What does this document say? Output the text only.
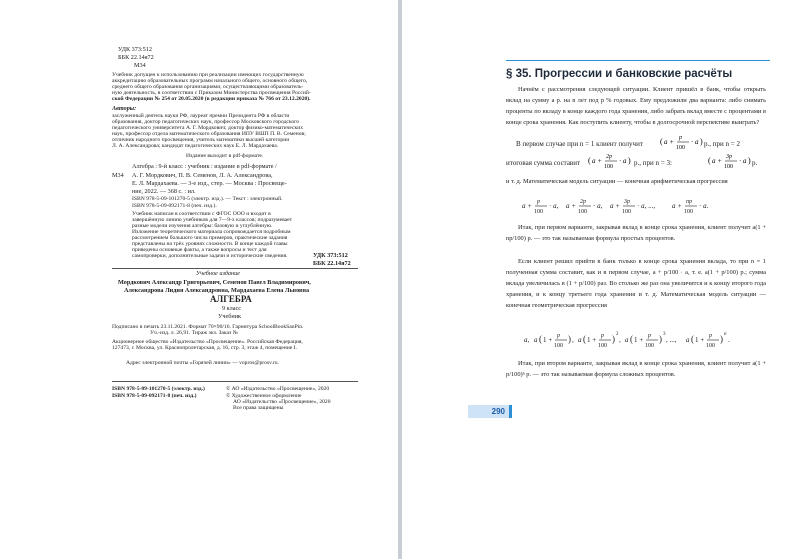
УДК 373:512
ББК 22.14я72
М34
Учебник допущен к использованию при реализации имеющих государственную
аккредитацию образовательных программ начального общего, основного общего,
среднего общего образования организациями, осуществляющими образователь-
ную деятельность, в соответствии с Приказом Министерства просвещения Россий-
ской Федерации № 254 от 20.05.2020 (в редакции приказа № 766 от 23.12.2020).
Авторы:
заслуженный деятель науки РФ, лауреат премии Президента РФ в области
образования, доктор педагогических наук, профессор Московского городского
педагогического университета А. Г. Мордкович; доктор физико-математических
наук, профессор отдела математического образования ИПУ ВШП П. В. Семенов;
отличник народного просвещения, учитель математики высшей категории
Л. А. Александрова; кандидат педагогических наук Е. Л. Мардахаева.
Издание выходит в pdf-формате.
М34
Алгебра : 9-й класс : учебник : издание в pdf-формате /
А. Г. Мордкович, П. В. Семенов, Л. А. Александрова,
Е. Л. Мардахаева. — 3-е изд., стер. — Москва : Просвеще-
ние, 2022. — 368 с. : ил.
ISBN 978-5-09-101270-5 (электр. изд.). — Текст : электронный.
ISBN 978-5-09-092171-8 (печ. изд.).
Учебник написан в соответствии с ФГОС ООО и входит в
завершённую линию учебников для 7—9-х классов; подразумевает
разные модели изучения алгебры: базовую и углублённую.
Изложение теоретического материала сопровождается подробным
рассмотрением большого числа примеров, практические задания
представлены на трёх уровнях сложности. В конце каждой главы
приведены основные факты, а также вопросы и тест для
самопроверки, дополнительные задачи и исторические сведения.	УДК 373:512
ББК 22.14я72
Учебное издание
Мордкович Александр Григорьевич, Семенов Павел Владимирович,
Александрова Лидия Александровна, Мардахаева Елена Львовна
АЛГЕБРА
9 класс
Учебник
Подписано в печать 23.11.2021. Формат 70×90/16. Гарнитура SchoolBookSanPin.
Уч.-изд. л. 26,91. Тираж экз. Заказ №
Акционерное общество «Издательство «Просвещение». Российская Федерация,
127473, г. Москва, ул. Краснопролетарская, д. 16, стр. 3, этаж 4, помещение I.
Адрес электронной почты «Горячей линии» — vopros@prosv.ru.
ISBN 978-5-09-101270-5 (электр. изд.)
ISBN 978-5-09-092171-8 (печ. изд.)
© АО «Издательство «Просвещение», 2020
© Художественное оформление
АО «Издательство «Просвещение», 2020
Все права защищены
§ 35. Прогрессии и банковские расчёты

Начнём с рассмотрения следующей ситуации. Клиент пришёл в банк, чтобы открыть вклад на сумму a р. на n лет под p % годовых. Ему предложили два варианта: либо снимать проценты по вкладу в конце каждого года хранения, либо забрать вклад вместе с процентами в конце срока хранения. Как поступить клиенту, чтобы в долгосрочной перспективе выиграть?

В первом случае при n = 1 клиент получит ( a + p
100
· a ) р., при n = 2
итоговая сумма составит ( a + 2p
100
· a ) р., при n = 3:	( a + 3p
100
· a ) р.

и т. д. Математическая модель ситуации — конечная арифметическая прогрессия

a + p
100
· a, a + 2p
100
· a, a + 3p
100
· a, ..., a + np
100
· a.

Итак, при первом варианте, закрывая вклад в конце срока хранения, клиент получит a(1 + np/100) р. — это так называемая формула простых процентов.

Если клиент решил прийти в банк только в конце срока хранения вклада, то при n = 1 полученная сумма составит, как и в первом случае, a + p/100 · a, т. е. a(1 + p/100) р.; сумма вклада увеличилась в (1 + p/100) раз. Во столько же раз она увеличится и к концу второго года хранения, и к концу третьего года хранения и т. д. Математическая модель ситуации — конечная геометрическая прогрессия

a, a ( 1 + p
100
) , a ( 1 + p
100
) 2
, a ( 1 + p
100
) 3
, ..., a ( 1 + p
100
) n
.

Итак, при втором варианте, закрывая вклад в конце срока хранения, клиент получит a(1 + p/100)ⁿ р. — это так называемая формула сложных процентов.

290
